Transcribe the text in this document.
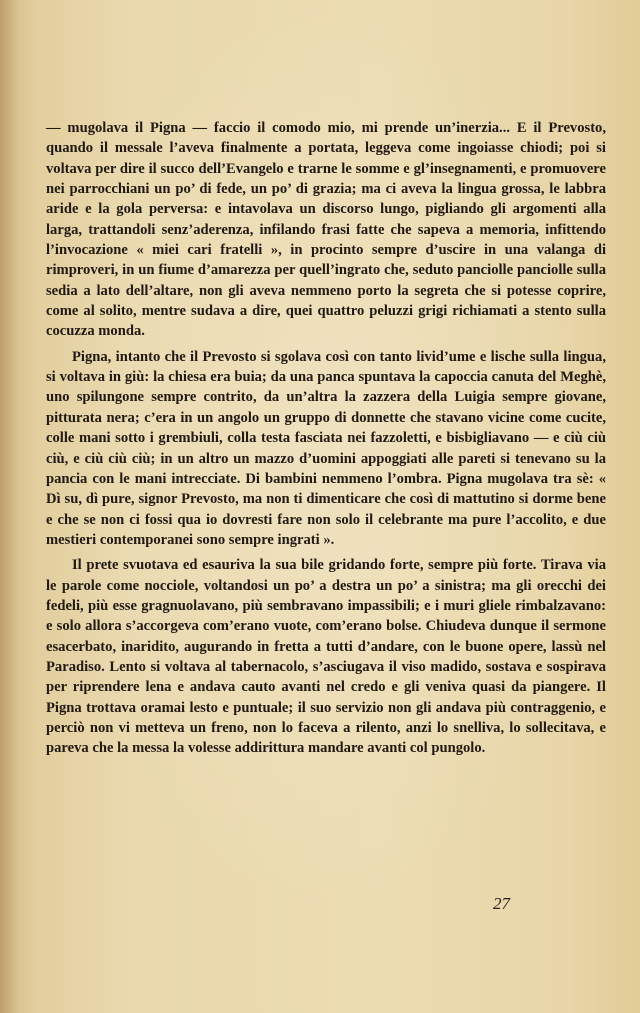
— mugolava il Pigna — faccio il comodo mio, mi prende un’inerzia... E il Prevosto, quando il messale l’aveva finalmente a portata, leggeva come ingoiasse chiodi; poi si voltava per dire il succo dell’Evangelo e trarne le somme e gl’insegnamenti, e promuovere nei parrocchiani un po’ di fede, un po’ di grazia; ma ci aveva la lingua grossa, le labbra aride e la gola perversa: e intavolava un discorso lungo, pigliando gli argomenti alla larga, trattandoli senz’aderenza, infilando frasi fatte che sapeva a memoria, infittendo l’invocazione « miei cari fratelli », in procinto sempre d’uscire in una valanga di rimproveri, in un fiume d’amarezza per quell’ingrato che, seduto panciolle panciolle sulla sedia a lato dell’altare, non gli aveva nemmeno porto la segreta che si potesse coprire, come al solito, mentre sudava a dire, quei quattro peluzzi grigi richiamati a stento sulla cocuzza monda.

Pigna, intanto che il Prevosto si sgolava così con tanto livid’ume e lische sulla lingua, si voltava in giù: la chiesa era buia; da una panca spuntava la capoccia canuta del Meghè, uno spilungone sempre contrito, da un’altra la zazzera della Luigia sempre giovane, pitturata nera; c’era in un angolo un gruppo di donnette che stavano vicine come cucite, colle mani sotto i grembiuli, colla testa fasciata nei fazzoletti, e bisbigliavano — e ciù ciù ciù, e ciù ciù ciù; in un altro un mazzo d’uomini appoggiati alle pareti si tenevano su la pancia con le mani intrecciate. Di bambini nemmeno l’ombra. Pigna mugolava tra sè: « Dì su, dì pure, signor Prevosto, ma non ti dimenticare che così di mattutino si dorme bene e che se non ci fossi qua io dovresti fare non solo il celebrante ma pure l’accolito, e due mestieri contemporanei sono sempre ingrati ».

Il prete svuotava ed esauriva la sua bile gridando forte, sempre più forte. Tirava via le parole come nocciole, voltandosi un po’ a destra un po’ a sinistra; ma gli orecchi dei fedeli, più esse gragnuolavano, più sembravano impassibili; e i muri gliele rimbalzavano: e solo allora s’accorgeva com’erano vuote, com’erano bolse. Chiudeva dunque il sermone esacerbato, inaridito, augurando in fretta a tutti d’andare, con le buone opere, lassù nel Paradiso. Lento si voltava al tabernacolo, s’asciugava il viso madido, sostava e sospirava per riprendere lena e andava cauto avanti nel credo e gli veniva quasi da piangere. Il Pigna trottava oramai lesto e puntuale; il suo servizio non gli andava più contraggenio, e perciò non vi metteva un freno, non lo faceva a rilento, anzi lo snelliva, lo sollecitava, e pareva che la messa la volesse addirittura mandare avanti col pungolo.

27
